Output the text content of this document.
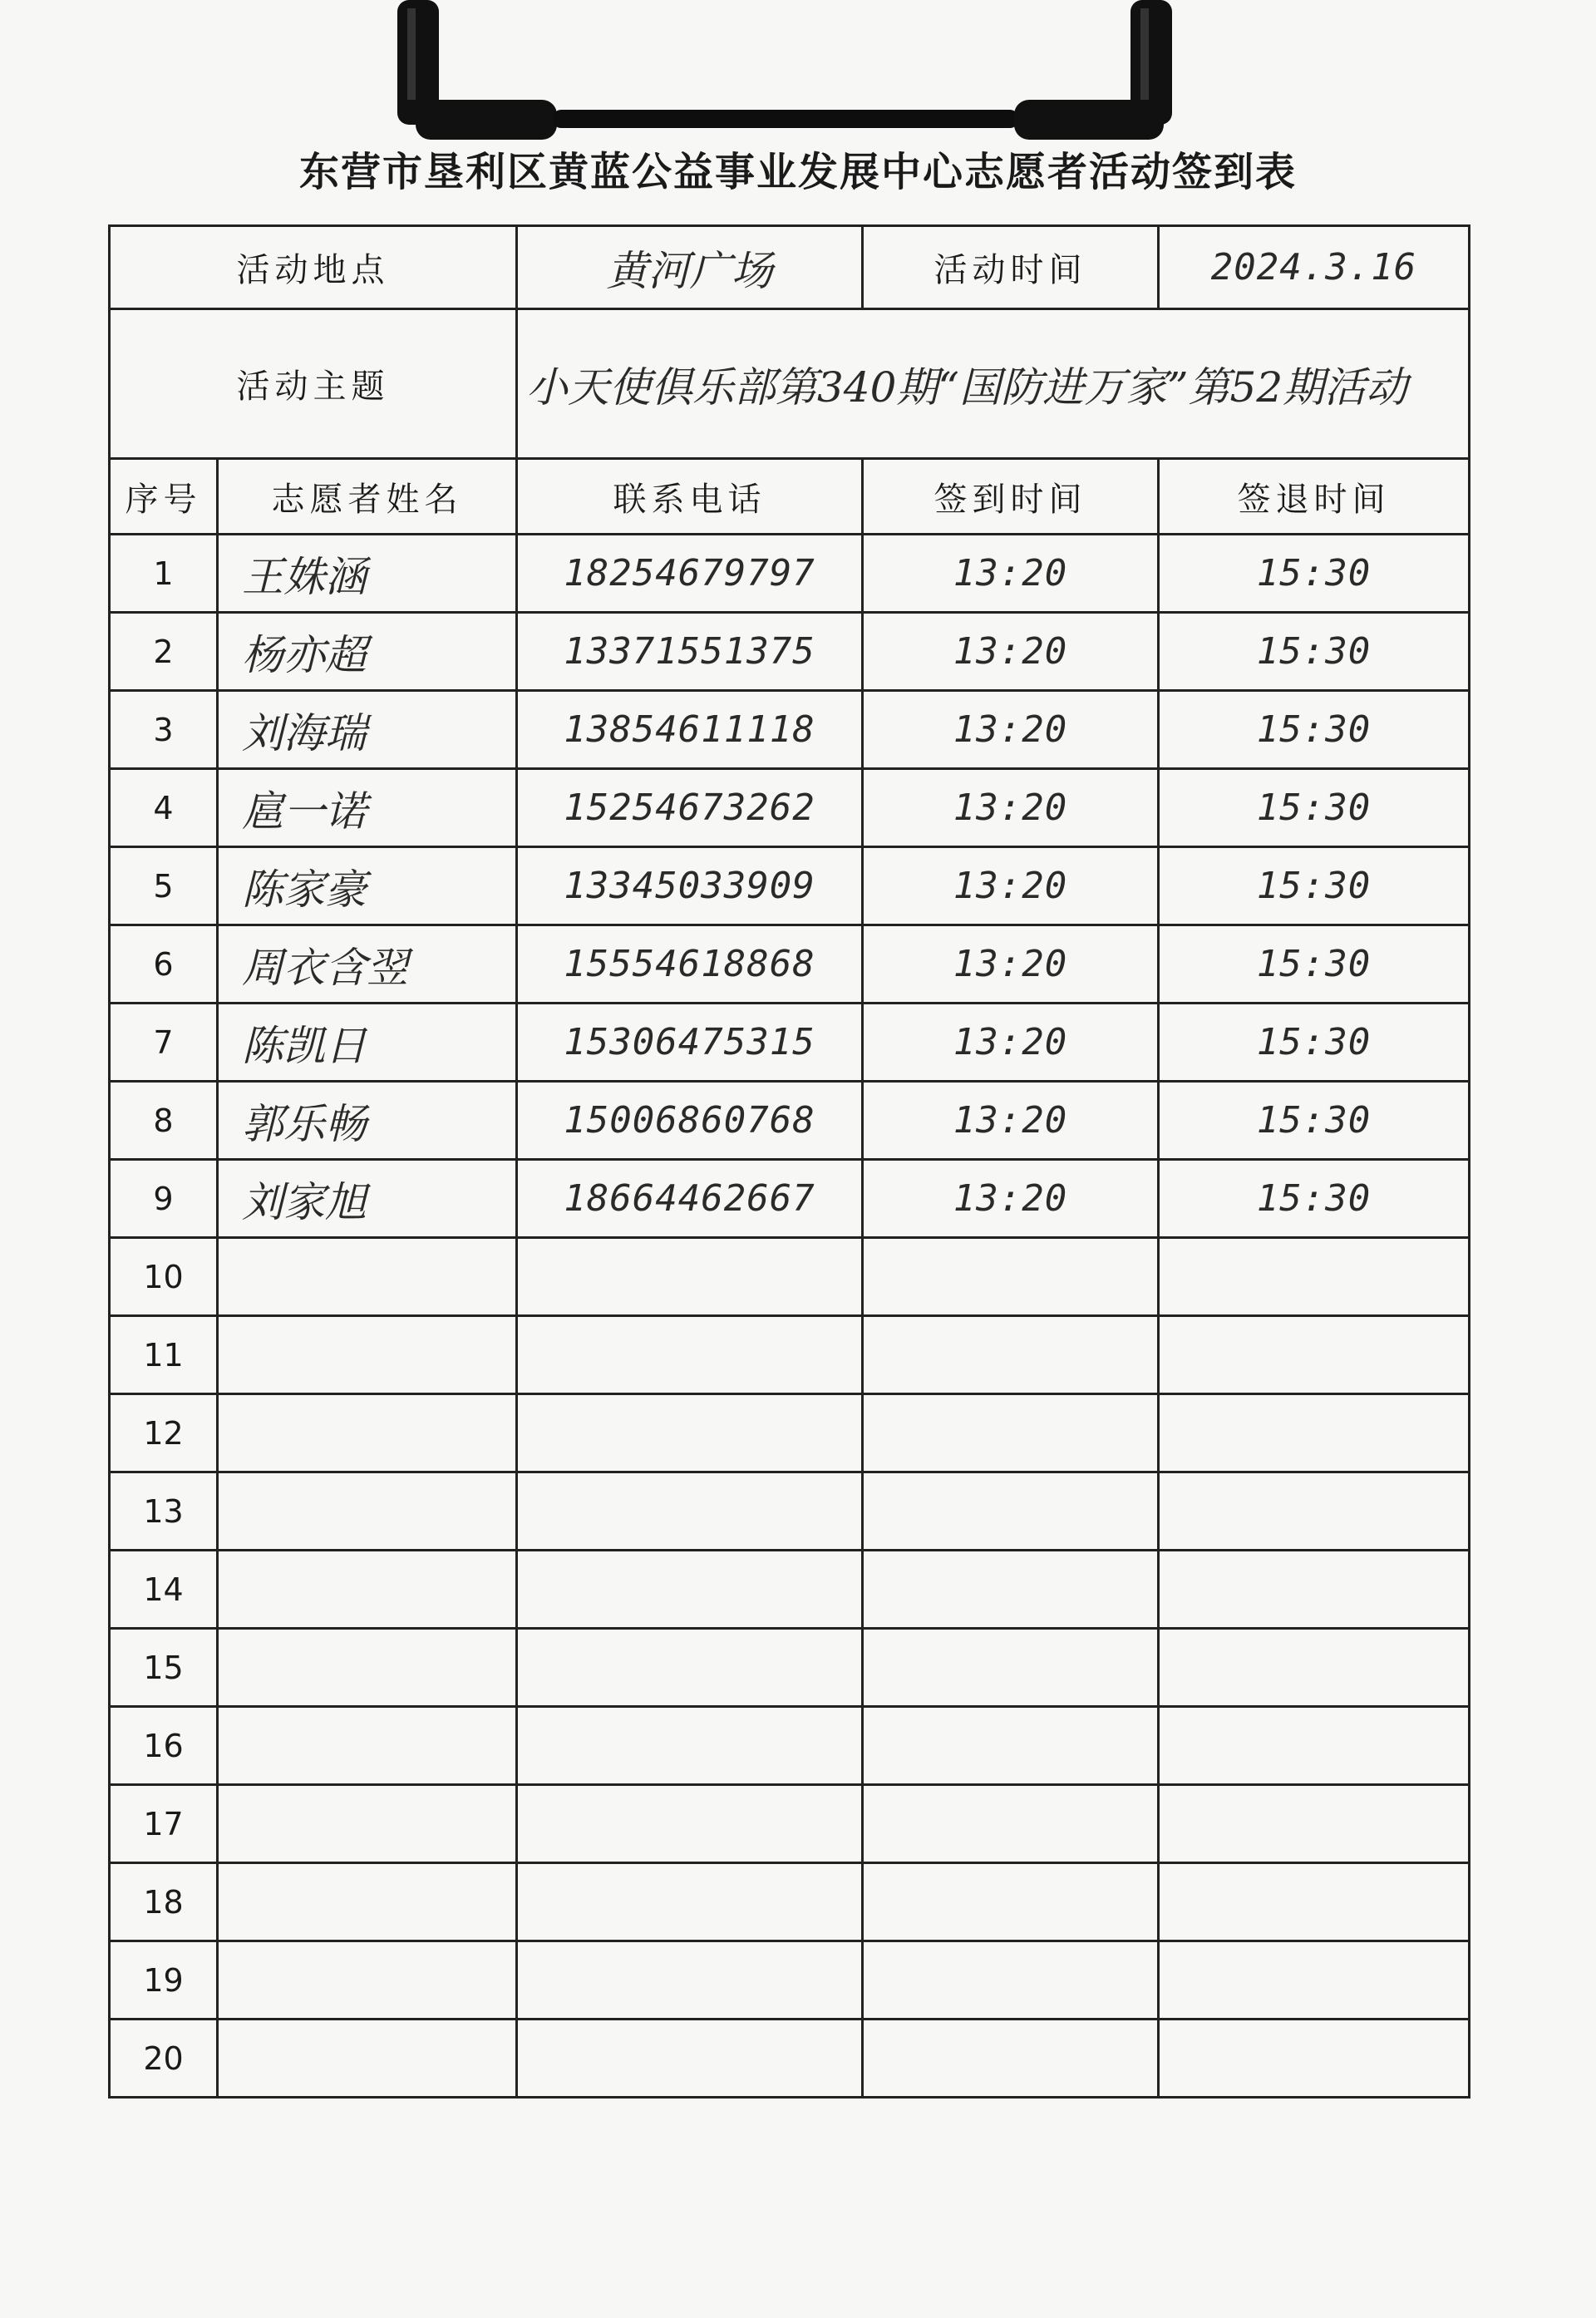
东营市垦利区黄蓝公益事业发展中心志愿者活动签到表
活动地点		黄河广场	活动时间	2024.3.16
活动主题		小天使俱乐部第340期“国防进万家”第52期活动		
序号	志愿者姓名	联系电话	签到时间	签退时间
1	王姝涵	18254679797	13:20	15:30
2	杨亦超	13371551375	13:20	15:30
3	刘海瑞	13854611118	13:20	15:30
4	扈一诺	15254673262	13:20	15:30
5	陈家豪	13345033909	13:20	15:30
6	周衣含翌	15554618868	13:20	15:30
7	陈凯日	15306475315	13:20	15:30
8	郭乐畅	15006860768	13:20	15:30
9	刘家旭	18664462667	13:20	15:30
10				
11				
12				
13				
14				
15				
16				
17				
18				
19				
20				
